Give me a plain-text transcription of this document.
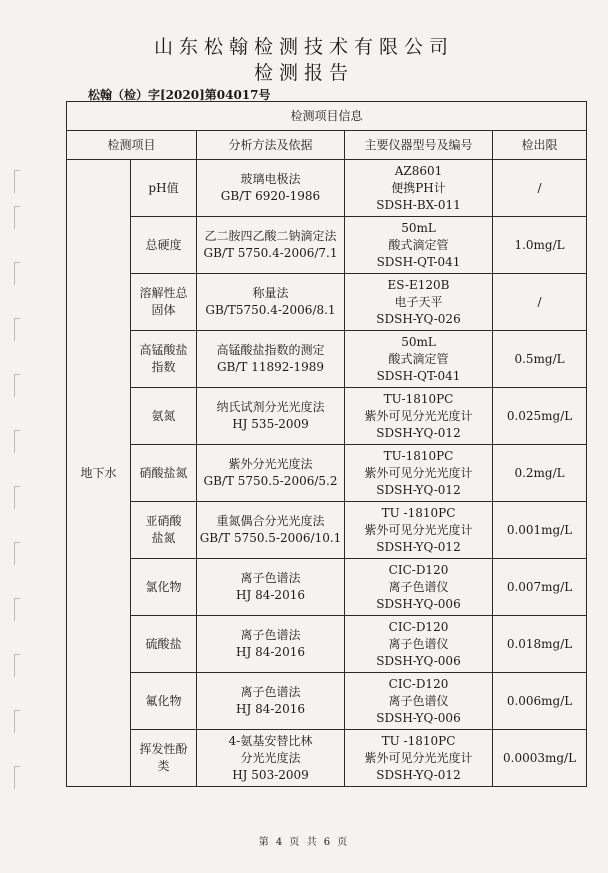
山东松翰检测技术有限公司
检测报告
松翰（检）字[2020]第04017号
检测项目信息				
检测项目		分析方法及依据	主要仪器型号及编号	检出限
地下水	pH值	玻璃电极法
GB/T 6920-1986	AZ8601
便携PH计
SDSH-BX-011	/
	总硬度	乙二胺四乙酸二钠滴定法
GB/T 5750.4-2006/7.1	50mL
酸式滴定管
SDSH-QT-041	1.0mg/L
	溶解性总
固体	称量法
GB/T5750.4-2006/8.1	ES-E120B
电子天平
SDSH-YQ-026	/
	高锰酸盐
指数	高锰酸盐指数的测定
GB/T 11892-1989	50mL
酸式滴定管
SDSH-QT-041	0.5mg/L
	氨氮	纳氏试剂分光光度法
HJ 535-2009	TU-1810PC
紫外可见分光光度计
SDSH-YQ-012	0.025mg/L
	硝酸盐氮	紫外分光光度法
GB/T 5750.5-2006/5.2	TU-1810PC
紫外可见分光光度计
SDSH-YQ-012	0.2mg/L
	亚硝酸
盐氮	重氮偶合分光光度法
GB/T 5750.5-2006/10.1	TU -1810PC
紫外可见分光光度计
SDSH-YQ-012	0.001mg/L
	氯化物	离子色谱法
HJ 84-2016	CIC-D120
离子色谱仪
SDSH-YQ-006	0.007mg/L
	硫酸盐	离子色谱法
HJ 84-2016	CIC-D120
离子色谱仪
SDSH-YQ-006	0.018mg/L
	氟化物	离子色谱法
HJ 84-2016	CIC-D120
离子色谱仪
SDSH-YQ-006	0.006mg/L
	挥发性酚
类	4-氨基安替比林
分光光度法
HJ 503-2009	TU -1810PC
紫外可见分光光度计
SDSH-YQ-012	0.0003mg/L
第 4 页 共 6 页
